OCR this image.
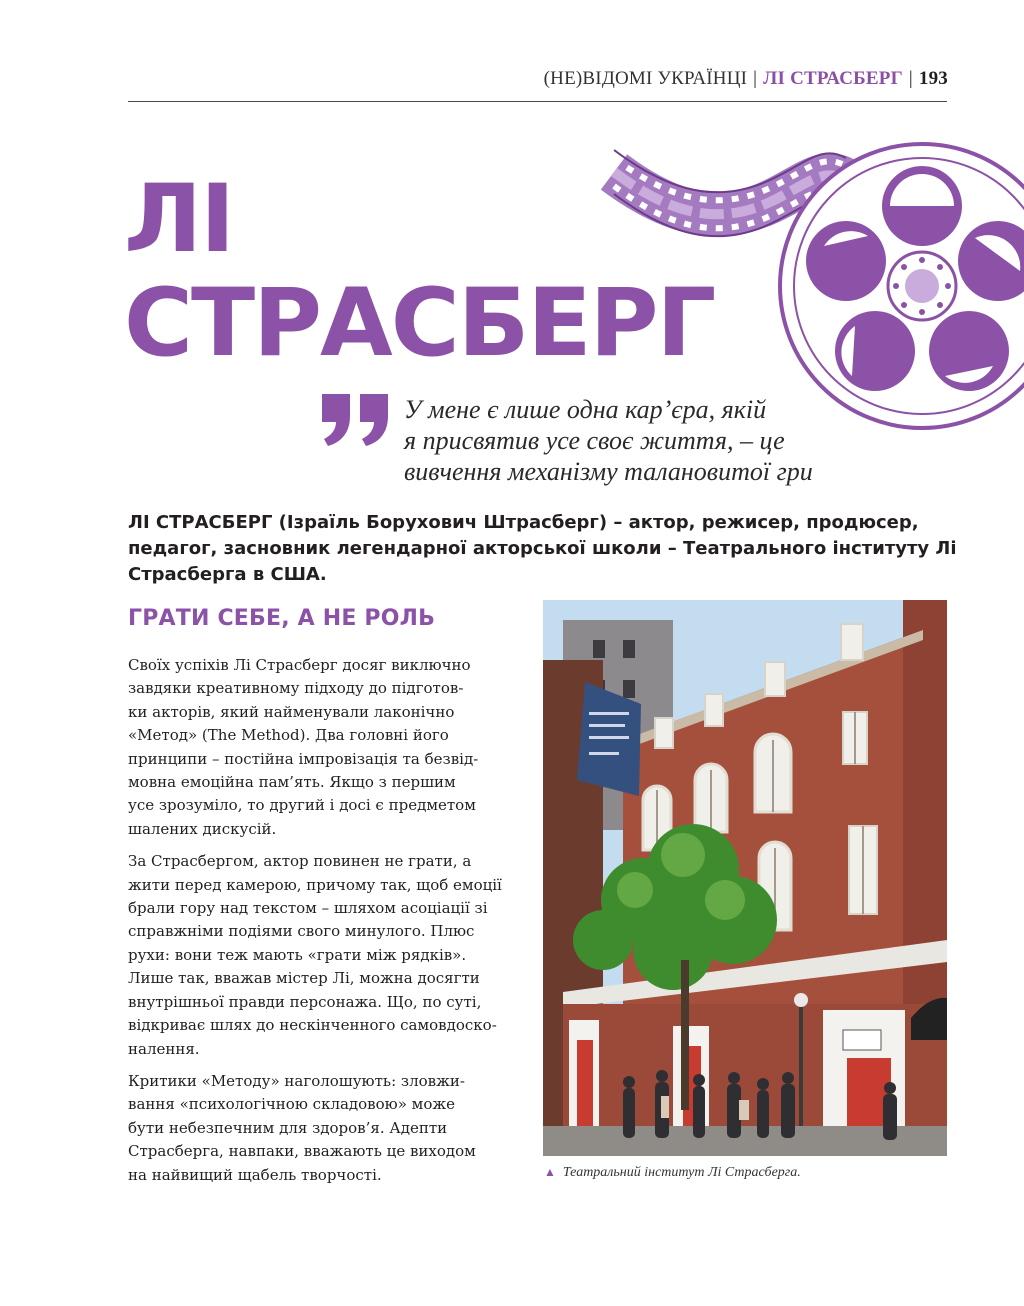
(НЕ)ВІДОМІ УКРАЇНЦІ | ЛІ СТРАСБЕРГ | 193
ЛІ
СТРАСБЕРГ
У мене є лише одна кар’єра, якій
я присвятив усе своє життя, – це
вивчення механізму талановитої гри
ЛІ СТРАСБЕРГ (Ізраїль Борухович Штрасберг) – актор, режисер, продюсер,
педагог, засновник легендарної акторської школи – Театрального інституту Лі
Страсберга в США.
ГРАТИ СЕБЕ, А НЕ РОЛЬ
Своїх успіхів Лі Страсберг досяг виключно
завдяки креативному підходу до підготов-
ки акторів, який найменували лаконічно
«Метод» (The Method). Два головні його
принципи – постійна імпровізація та безвід-
мовна емоційна пам’ять. Якщо з першим
усе зрозуміло, то другий і досі є предметом
шалених дискусій.
За Страсбергом, актор повинен не грати, а
жити перед камерою, причому так, щоб емоції
брали гору над текстом – шляхом асоціації зі
справжніми подіями свого минулого. Плюс
рухи: вони теж мають «грати між рядків».
Лише так, вважав містер Лі, можна досягти
внутрішньої правди персонажа. Що, по суті,
відкриває шлях до нескінченного самовдоско-
налення.
Критики «Методу» наголошують: зловжи-
вання «психологічною складовою» може
бути небезпечним для здоров’я. Адепти
Страсберга, навпаки, вважають це виходом
на найвищий щабель творчості.	▲ Театральний інститут Лі Страсберга.
